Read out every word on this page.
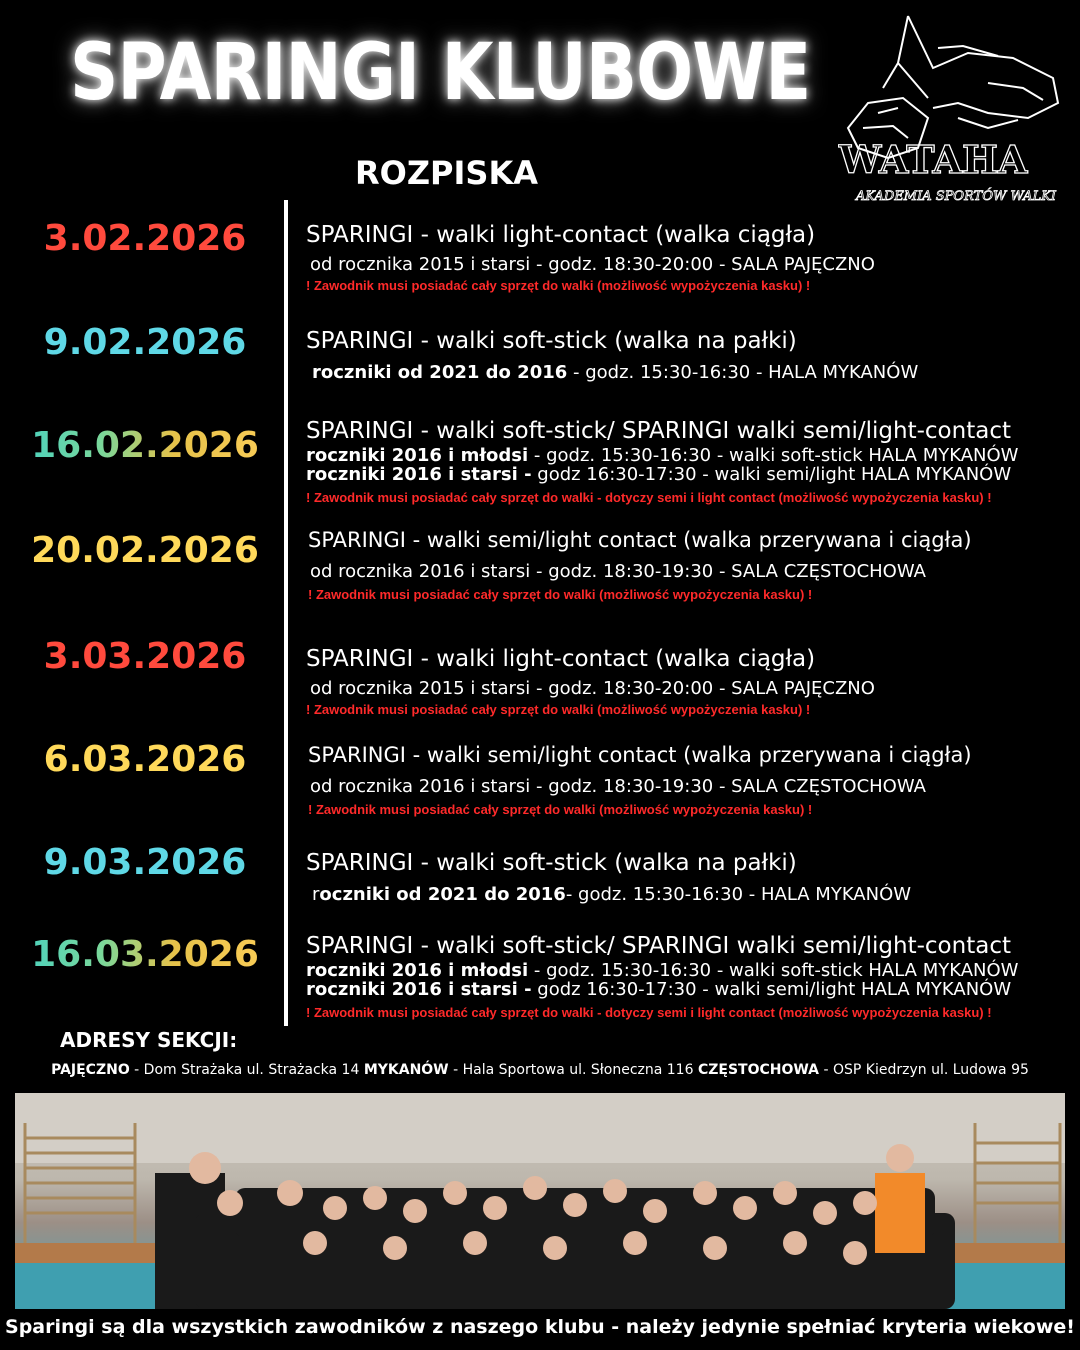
SPARINGI KLUBOWE
ROZPISKA	WATAHA
AKADEMIA SPORTÓW WALKI
3.02.2026	SPARINGI - walki light-contact (walka ciągła)
od rocznika 2015 i starsi - godz. 18:30-20:00 - SALA PAJĘCZNO
! Zawodnik musi posiadać cały sprzęt do walki (możliwość wypożyczenia kasku) !
9.02.2026	SPARINGI - walki soft-stick (walka na pałki)
roczniki od 2021 do 2016 - godz. 15:30-16:30 - HALA MYKANÓW
16.02.2026	SPARINGI - walki soft-stick/ SPARINGI walki semi/light-contact
roczniki 2016 i młodsi - godz. 15:30-16:30 - walki soft-stick HALA MYKANÓW
roczniki 2016 i starsi - godz 16:30-17:30 - walki semi/light HALA MYKANÓW
! Zawodnik musi posiadać cały sprzęt do walki - dotyczy semi i light contact (możliwość wypożyczenia kasku) !
20.02.2026	SPARINGI - walki semi/light contact (walka przerywana i ciągła)
od rocznika 2016 i starsi - godz. 18:30-19:30 - SALA CZĘSTOCHOWA
! Zawodnik musi posiadać cały sprzęt do walki (możliwość wypożyczenia kasku) !
3.03.2026	SPARINGI - walki light-contact (walka ciągła)
od rocznika 2015 i starsi - godz. 18:30-20:00 - SALA PAJĘCZNO
! Zawodnik musi posiadać cały sprzęt do walki (możliwość wypożyczenia kasku) !
6.03.2026	SPARINGI - walki semi/light contact (walka przerywana i ciągła)
od rocznika 2016 i starsi - godz. 18:30-19:30 - SALA CZĘSTOCHOWA
! Zawodnik musi posiadać cały sprzęt do walki (możliwość wypożyczenia kasku) !
9.03.2026	SPARINGI - walki soft-stick (walka na pałki)
roczniki od 2021 do 2016- godz. 15:30-16:30 - HALA MYKANÓW
16.03.2026	SPARINGI - walki soft-stick/ SPARINGI walki semi/light-contact
roczniki 2016 i młodsi - godz. 15:30-16:30 - walki soft-stick HALA MYKANÓW
roczniki 2016 i starsi - godz 16:30-17:30 - walki semi/light HALA MYKANÓW
! Zawodnik musi posiadać cały sprzęt do walki - dotyczy semi i light contact (możliwość wypożyczenia kasku) !
ADRESY SEKCJI:
PAJĘCZNO - Dom Strażaka ul. Strażacka 14 MYKANÓW - Hala Sportowa ul. Słoneczna 116 CZĘSTOCHOWA - OSP Kiedrzyn ul. Ludowa 95
Sparingi są dla wszystkich zawodników z naszego klubu - należy jedynie spełniać kryteria wiekowe!
